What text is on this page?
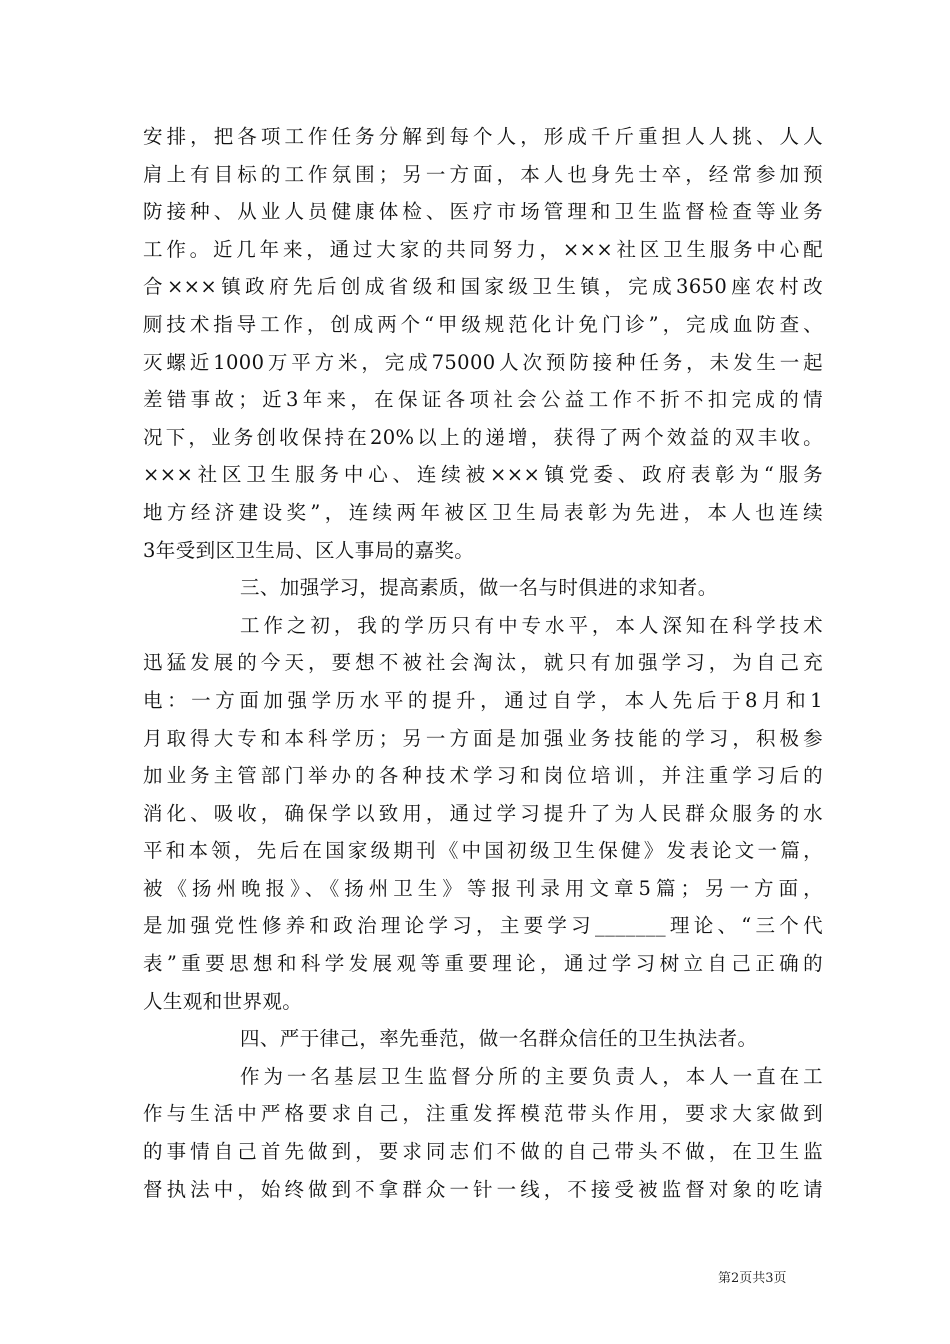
安排，把各项工作任务分解到每个人，形成千斤重担人人挑、人人
肩上有目标的工作氛围；另一方面，本人也身先士卒，经常参加预
防接种、从业人员健康体检、医疗市场管理和卫生监督检查等业务
工作。近几年来，通过大家的共同努力，×××社区卫生服务中心配
合×××镇政府先后创成省级和国家级卫生镇，完成3650座农村改
厕技术指导工作，创成两个“甲级规范化计免门诊”，完成血防查、
灭螺近1000万平方米，完成75000人次预防接种任务，未发生一起
差错事故；近3年来，在保证各项社会公益工作不折不扣完成的情
况下，业务创收保持在20%以上的递增，获得了两个效益的双丰收。
×××社区卫生服务中心、连续被×××镇党委、政府表彰为“服务
地方经济建设奖”，连续两年被区卫生局表彰为先进，本人也连续
3年受到区卫生局、区人事局的嘉奖。
三、加强学习，提高素质，做一名与时俱进的求知者。
工作之初，我的学历只有中专水平，本人深知在科学技术
迅猛发展的今天，要想不被社会淘汰，就只有加强学习，为自己充
电：一方面加强学历水平的提升，通过自学，本人先后于8月和1
月取得大专和本科学历；另一方面是加强业务技能的学习，积极参
加业务主管部门举办的各种技术学习和岗位培训，并注重学习后的
消化、吸收，确保学以致用，通过学习提升了为人民群众服务的水
平和本领，先后在国家级期刊《中国初级卫生保健》发表论文一篇，
被《扬州晚报》、《扬州卫生》等报刊录用文章5篇；另一方面，
是加强党性修养和政治理论学习，主要学习_______理论、“三个代
表”重要思想和科学发展观等重要理论，通过学习树立自己正确的
人生观和世界观。
四、严于律己，率先垂范，做一名群众信任的卫生执法者。
作为一名基层卫生监督分所的主要负责人，本人一直在工
作与生活中严格要求自己，注重发挥模范带头作用，要求大家做到
的事情自己首先做到，要求同志们不做的自己带头不做，在卫生监
督执法中，始终做到不拿群众一针一线，不接受被监督对象的吃请
第2页共3页
